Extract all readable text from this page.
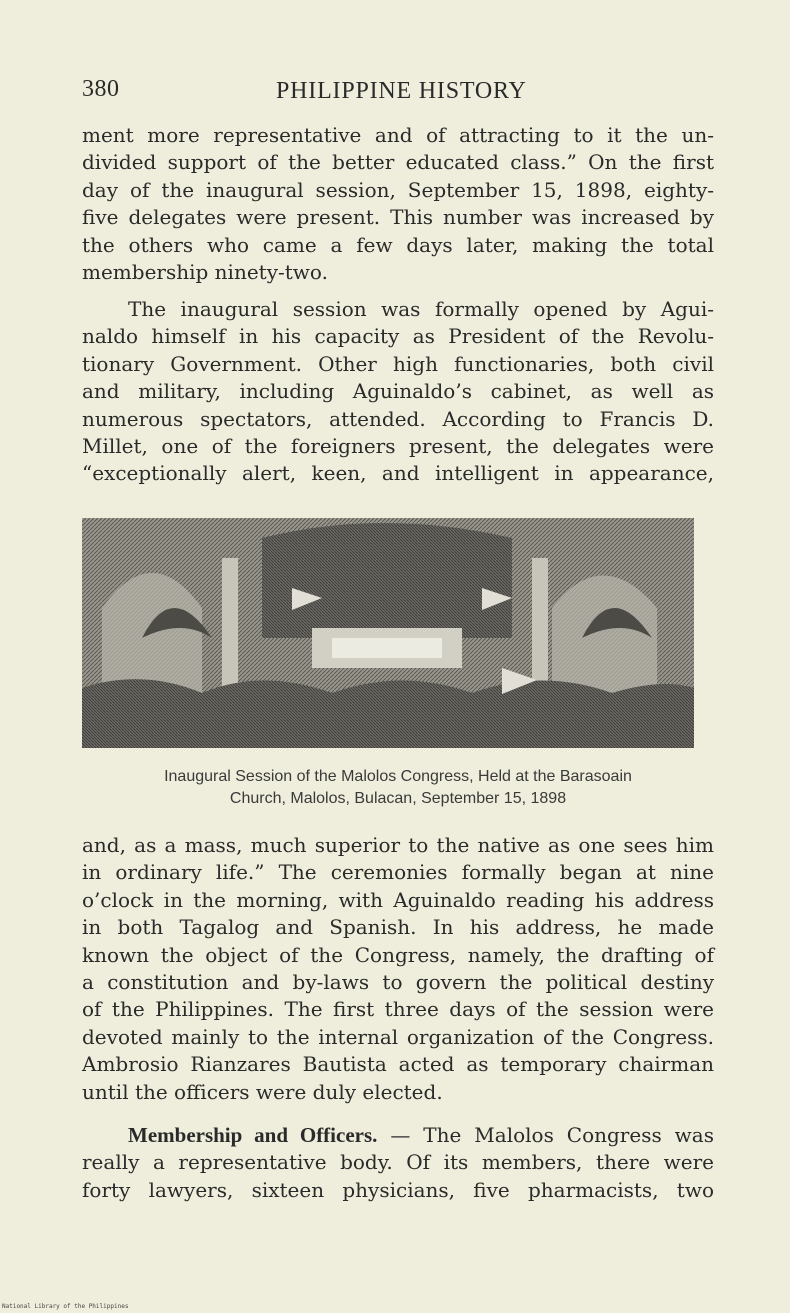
380	PHILIPPINE HISTORY

ment more representative and of attracting to it the un-
divided support of the better educated class.” On the first
day of the inaugural session, September 15, 1898, eighty-
five delegates were present. This number was increased by
the others who came a few days later, making the total
membership ninety-two.

The inaugural session was formally opened by Agui-
naldo himself in his capacity as President of the Revolu-
tionary Government. Other high functionaries, both civil
and military, including Aguinaldo’s cabinet, as well as
numerous spectators, attended. According to Francis D.
Millet, one of the foreigners present, the delegates were
“exceptionally alert, keen, and intelligent in appearance,

Inaugural Session of the Malolos Congress, Held at the Barasoain
Church, Malolos, Bulacan, September 15, 1898

and, as a mass, much superior to the native as one sees him
in ordinary life.” The ceremonies formally began at nine
o’clock in the morning, with Aguinaldo reading his address
in both Tagalog and Spanish. In his address, he made
known the object of the Congress, namely, the drafting of
a constitution and by-laws to govern the political destiny
of the Philippines. The first three days of the session were
devoted mainly to the internal organization of the Congress.
Ambrosio Rianzares Bautista acted as temporary chairman
until the officers were duly elected.

Membership and Officers. — The Malolos Congress was
really a representative body. Of its members, there were
forty lawyers, sixteen physicians, five pharmacists, two

National Library of the Philippines
